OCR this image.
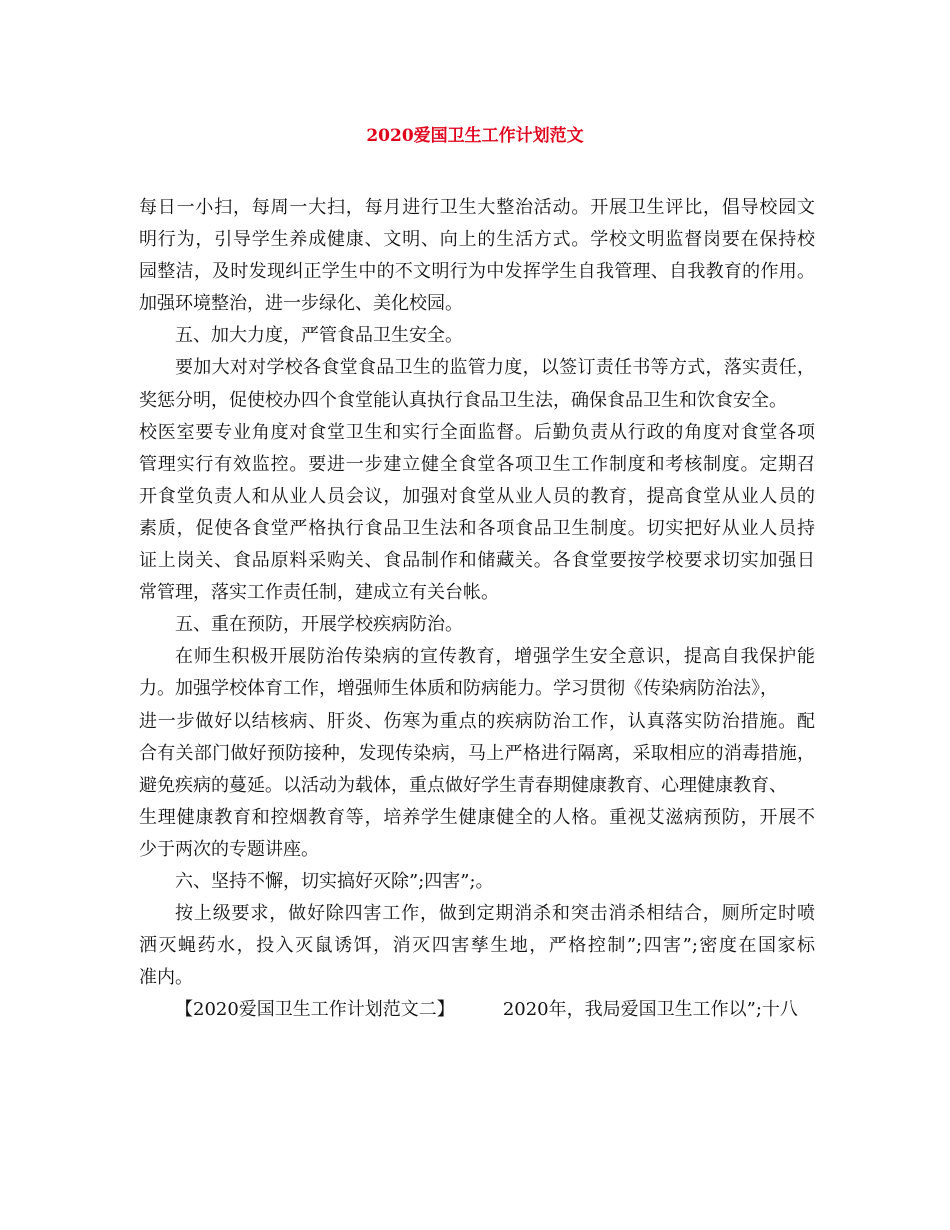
2020爱国卫生工作计划范文
每日一小扫，每周一大扫，每月进行卫生大整治活动。开展卫生评比，倡导校园文
明行为，引导学生养成健康、文明、向上的生活方式。学校文明监督岗要在保持校
园整洁，及时发现纠正学生中的不文明行为中发挥学生自我管理、自我教育的作用。
加强环境整治，进一步绿化、美化校园。
五、加大力度，严管食品卫生安全。
要加大对对学校各食堂食品卫生的监管力度，以签订责任书等方式，落实责任，
奖惩分明，促使校办四个食堂能认真执行食品卫生法，确保食品卫生和饮食安全。
校医室要专业角度对食堂卫生和实行全面监督。后勤负责从行政的角度对食堂各项
管理实行有效监控。要进一步建立健全食堂各项卫生工作制度和考核制度。定期召
开食堂负责人和从业人员会议，加强对食堂从业人员的教育，提高食堂从业人员的
素质，促使各食堂严格执行食品卫生法和各项食品卫生制度。切实把好从业人员持
证上岗关、食品原料采购关、食品制作和储藏关。各食堂要按学校要求切实加强日
常管理，落实工作责任制，建成立有关台帐。
五、重在预防，开展学校疾病防治。
在师生积极开展防治传染病的宣传教育，增强学生安全意识，提高自我保护能
力。加强学校体育工作，增强师生体质和防病能力。学习贯彻《传染病防治法》，
进一步做好以结核病、肝炎、伤寒为重点的疾病防治工作，认真落实防治措施。配
合有关部门做好预防接种，发现传染病，马上严格进行隔离，采取相应的消毒措施，
避免疾病的蔓延。以活动为载体，重点做好学生青春期健康教育、心理健康教育、
生理健康教育和控烟教育等，培养学生健康健全的人格。重视艾滋病预防，开展不
少于两次的专题讲座。
六、坚持不懈，切实搞好灭除”;四害”;。
按上级要求，做好除四害工作，做到定期消杀和突击消杀相结合，厕所定时喷
洒灭蝇药水，投入灭鼠诱饵，消灭四害孳生地，严格控制”;四害”;密度在国家标
准内。
【2020爱国卫生工作计划范文二】	2020年，我局爱国卫生工作以”;十八
